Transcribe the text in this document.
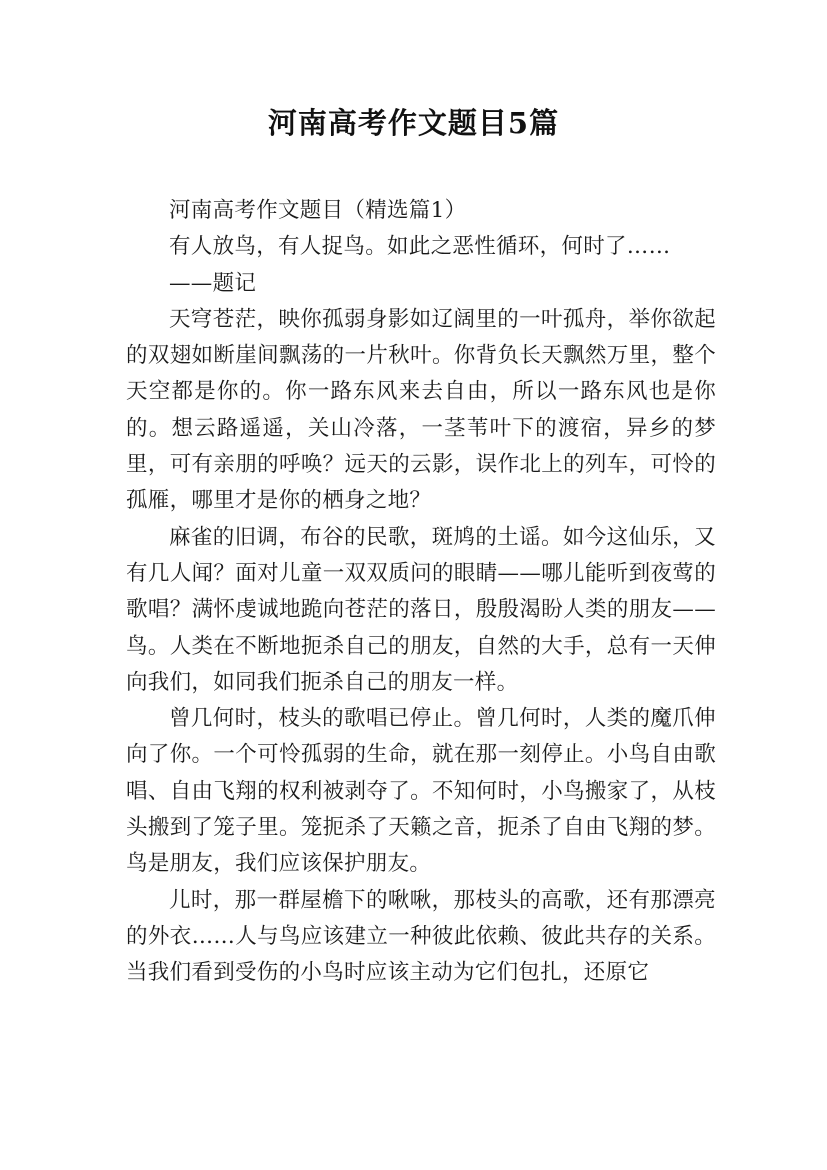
河南高考作文题目5篇

河南高考作文题目（精选篇1）

有人放鸟，有人捉鸟。如此之恶性循环，何时了……

——题记

天穹苍茫，映你孤弱身影如辽阔里的一叶孤舟，举你欲起的双翅如断崖间飘荡的一片秋叶。你背负长天飘然万里，整个天空都是你的。你一路东风来去自由，所以一路东风也是你的。想云路遥遥，关山冷落，一茎苇叶下的渡宿，异乡的梦里，可有亲朋的呼唤？远天的云影，误作北上的列车，可怜的孤雁，哪里才是你的栖身之地？

麻雀的旧调，布谷的民歌，斑鸠的土谣。如今这仙乐，又有几人闻？面对儿童一双双质问的眼睛——哪儿能听到夜莺的歌唱？满怀虔诚地跪向苍茫的落日，殷殷渴盼人类的朋友——鸟。人类在不断地扼杀自己的朋友，自然的大手，总有一天伸向我们，如同我们扼杀自己的朋友一样。

曾几何时，枝头的歌唱已停止。曾几何时，人类的魔爪伸向了你。一个可怜孤弱的生命，就在那一刻停止。小鸟自由歌唱、自由飞翔的权利被剥夺了。不知何时，小鸟搬家了，从枝头搬到了笼子里。笼扼杀了天籁之音，扼杀了自由飞翔的梦。鸟是朋友，我们应该保护朋友。

儿时，那一群屋檐下的啾啾，那枝头的高歌，还有那漂亮的外衣……人与鸟应该建立一种彼此依赖、彼此共存的关系。当我们看到受伤的小鸟时应该主动为它们包扎，还原它
